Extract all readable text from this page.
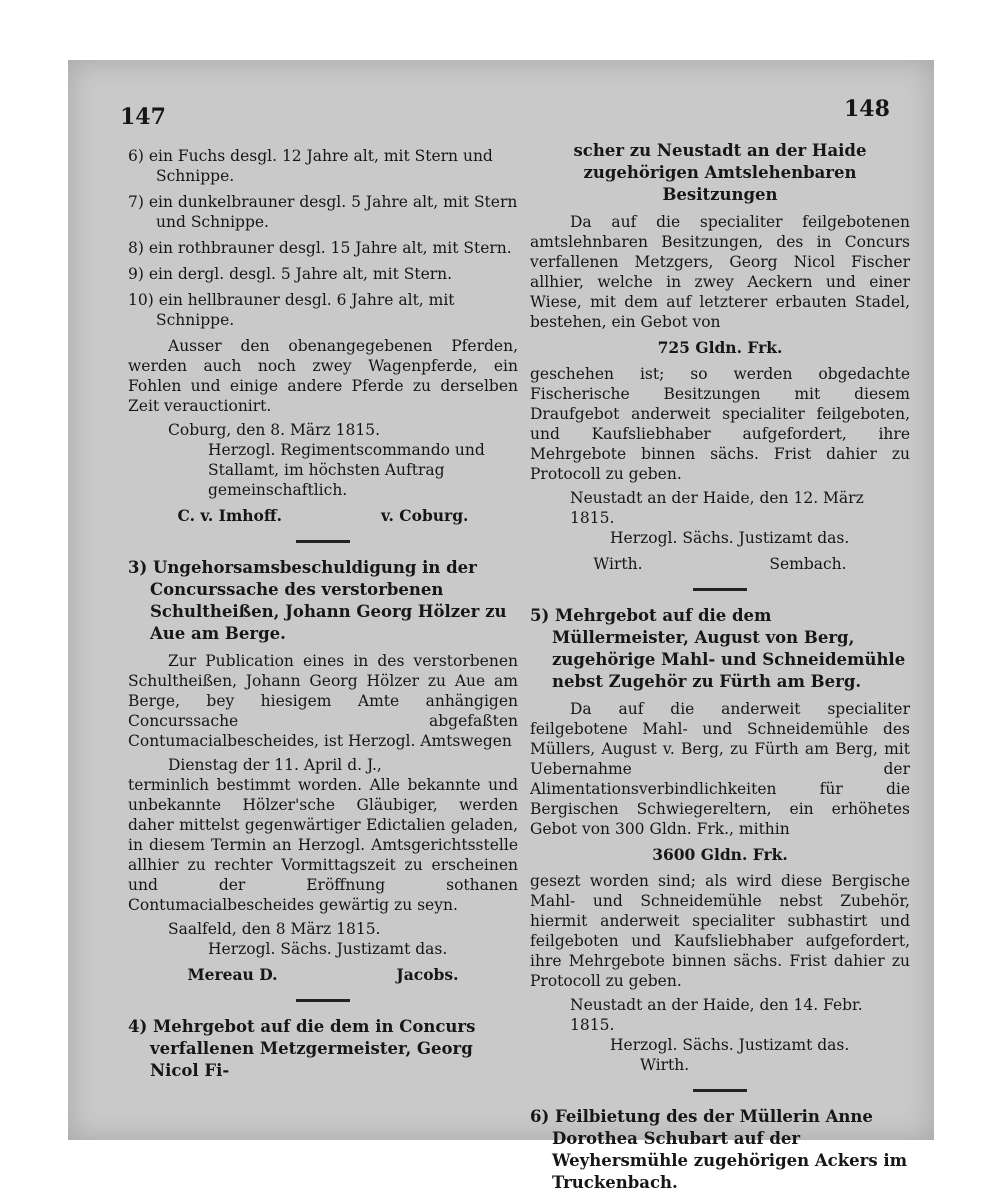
147	148
6) ein Fuchs desgl. 12 Jahre alt, mit Stern und Schnippe.
7) ein dunkelbrauner desgl. 5 Jahre alt, mit Stern und Schnippe.
8) ein rothbrauner desgl. 15 Jahre alt, mit Stern.
9) ein dergl. desgl. 5 Jahre alt, mit Stern.
10) ein hellbrauner desgl. 6 Jahre alt, mit Schnippe.

Ausser den obenangegebenen Pferden, werden auch noch zwey Wagenpferde, ein Fohlen und einige andere Pferde zu derselben Zeit verauctionirt.

Coburg, den 8. März 1815.
Herzogl. Regimentscommando und Stallamt, im höchsten Auftrag gemeinschaftlich.
C. v. Imhoff.	v. Coburg.
3) Ungehorsamsbeschuldigung in der Concurssache des verstorbenen Schultheißen, Johann Georg Hölzer zu Aue am Berge.

Zur Publication eines in des verstorbenen Schultheißen, Johann Georg Hölzer zu Aue am Berge, bey hiesigem Amte anhängigen Concurssache abgefaßten Contumacialbescheides, ist Herzogl. Amtswegen

Dienstag der 11. April d. J.,

terminlich bestimmt worden. Alle bekannte und unbekannte Hölzer'sche Gläubiger, werden daher mittelst gegenwärtiger Edictalien geladen, in diesem Termin an Herzogl. Amtsgerichtsstelle allhier zu rechter Vormittagszeit zu erscheinen und der Eröffnung sothanen Contumacialbescheides gewärtig zu seyn.

Saalfeld, den 8 März 1815.
Herzogl. Sächs. Justizamt das.
Mereau D.	Jacobs.
4) Mehrgebot auf die dem in Concurs verfallenen Metzgermeister, Georg Nicol Fi-
scher zu Neustadt an der Haide zugehörigen Amtslehenbaren Besitzungen

Da auf die specialiter feilgebotenen amtslehnbaren Besitzungen, des in Concurs verfallenen Metzgers, Georg Nicol Fischer allhier, welche in zwey Aeckern und einer Wiese, mit dem auf letzterer erbauten Stadel, bestehen, ein Gebot von

725 Gldn. Frk.

geschehen ist; so werden obgedachte Fischerische Besitzungen mit diesem Draufgebot anderweit specialiter feilgeboten, und Kaufsliebhaber aufgefordert, ihre Mehrgebote binnen sächs. Frist dahier zu Protocoll zu geben.

Neustadt an der Haide, den 12. März 1815.
Herzogl. Sächs. Justizamt das.
Wirth.	Sembach.
5) Mehrgebot auf die dem Müllermeister, August von Berg, zugehörige Mahl- und Schneidemühle nebst Zugehör zu Fürth am Berg.

Da auf die anderweit specialiter feilgebotene Mahl- und Schneidemühle des Müllers, August v. Berg, zu Fürth am Berg, mit Uebernahme der Alimentationsverbindlichkeiten für die Bergischen Schwiegereltern, ein erhöhetes Gebot von 300 Gldn. Frk., mithin

3600 Gldn. Frk.

gesezt worden sind; als wird diese Bergische Mahl- und Schneidemühle nebst Zubehör, hiermit anderweit specialiter subhastirt und feilgeboten und Kaufsliebhaber aufgefordert, ihre Mehrgebote binnen sächs. Frist dahier zu Protocoll zu geben.

Neustadt an der Haide, den 14. Febr. 1815.
Herzogl. Sächs. Justizamt das.
Wirth.
6) Feilbietung des der Müllerin Anne Dorothea Schubart auf der Weyhersmühle zugehörigen Ackers im Truckenbach.
